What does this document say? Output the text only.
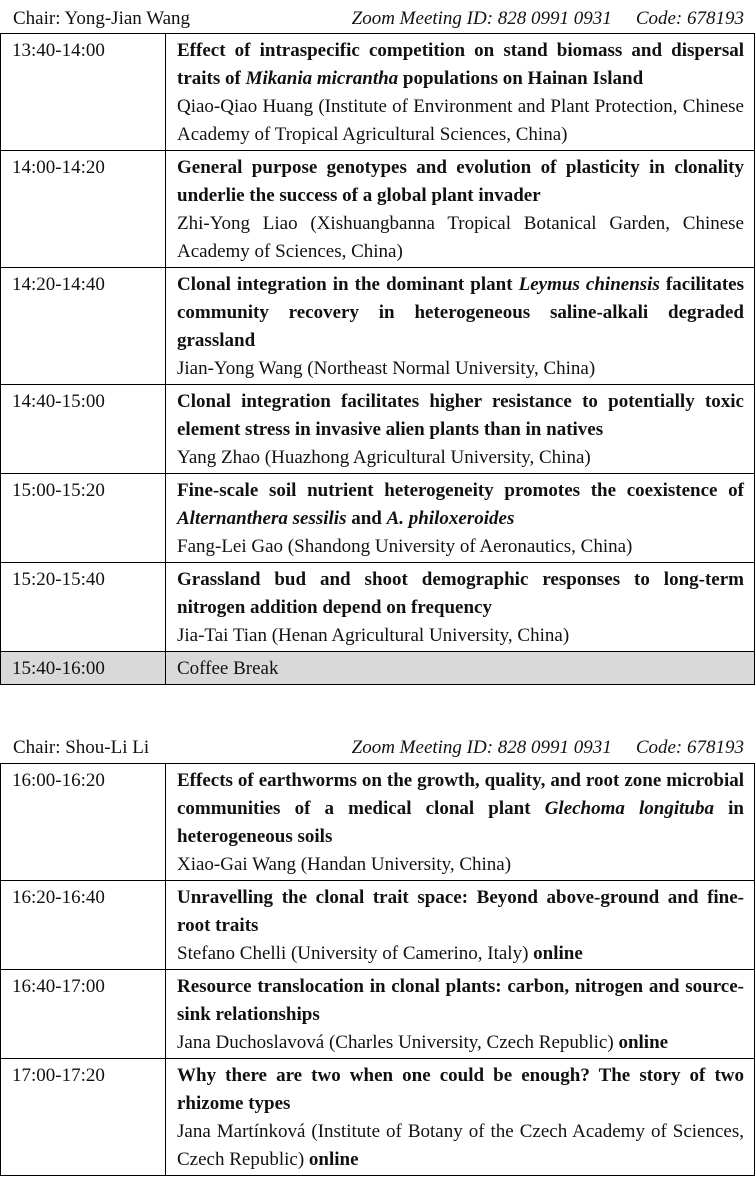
Chair: Yong-Jian Wang	Zoom Meeting ID: 828 0991 0931 Code: 678193
13:40-14:00	Effect of intraspecific competition on stand biomass and dispersal traits of Mikania micrantha populations on Hainan Island
Qiao-Qiao Huang (Institute of Environment and Plant Protection, Chinese Academy of Tropical Agricultural Sciences, China)

14:00-14:20	General purpose genotypes and evolution of plasticity in clonality underlie the success of a global plant invader
Zhi-Yong Liao (Xishuangbanna Tropical Botanical Garden, Chinese Academy of Sciences, China)

14:20-14:40	Clonal integration in the dominant plant Leymus chinensis facilitates community recovery in heterogeneous saline-alkali degraded grassland
Jian-Yong Wang (Northeast Normal University, China)

14:40-15:00	Clonal integration facilitates higher resistance to potentially toxic element stress in invasive alien plants than in natives
Yang Zhao (Huazhong Agricultural University, China)

15:00-15:20	Fine-scale soil nutrient heterogeneity promotes the coexistence of Alternanthera sessilis and A. philoxeroides
Fang-Lei Gao (Shandong University of Aeronautics, China)

15:20-15:40	Grassland bud and shoot demographic responses to long-term nitrogen addition depend on frequency
Jia-Tai Tian (Henan Agricultural University, China)

15:40-16:00	Coffee Break
Chair: Shou-Li Li	Zoom Meeting ID: 828 0991 0931 Code: 678193
16:00-16:20	Effects of earthworms on the growth, quality, and root zone microbial communities of a medical clonal plant Glechoma longituba in heterogeneous soils
Xiao-Gai Wang (Handan University, China)

16:20-16:40	Unravelling the clonal trait space: Beyond above-ground and fine-root traits
Stefano Chelli (University of Camerino, Italy) online

16:40-17:00	Resource translocation in clonal plants: carbon, nitrogen and source-sink relationships
Jana Duchoslavová (Charles University, Czech Republic) online

17:00-17:20	Why there are two when one could be enough? The story of two rhizome types
Jana Martínková (Institute of Botany of the Czech Academy of Sciences, Czech Republic) online
